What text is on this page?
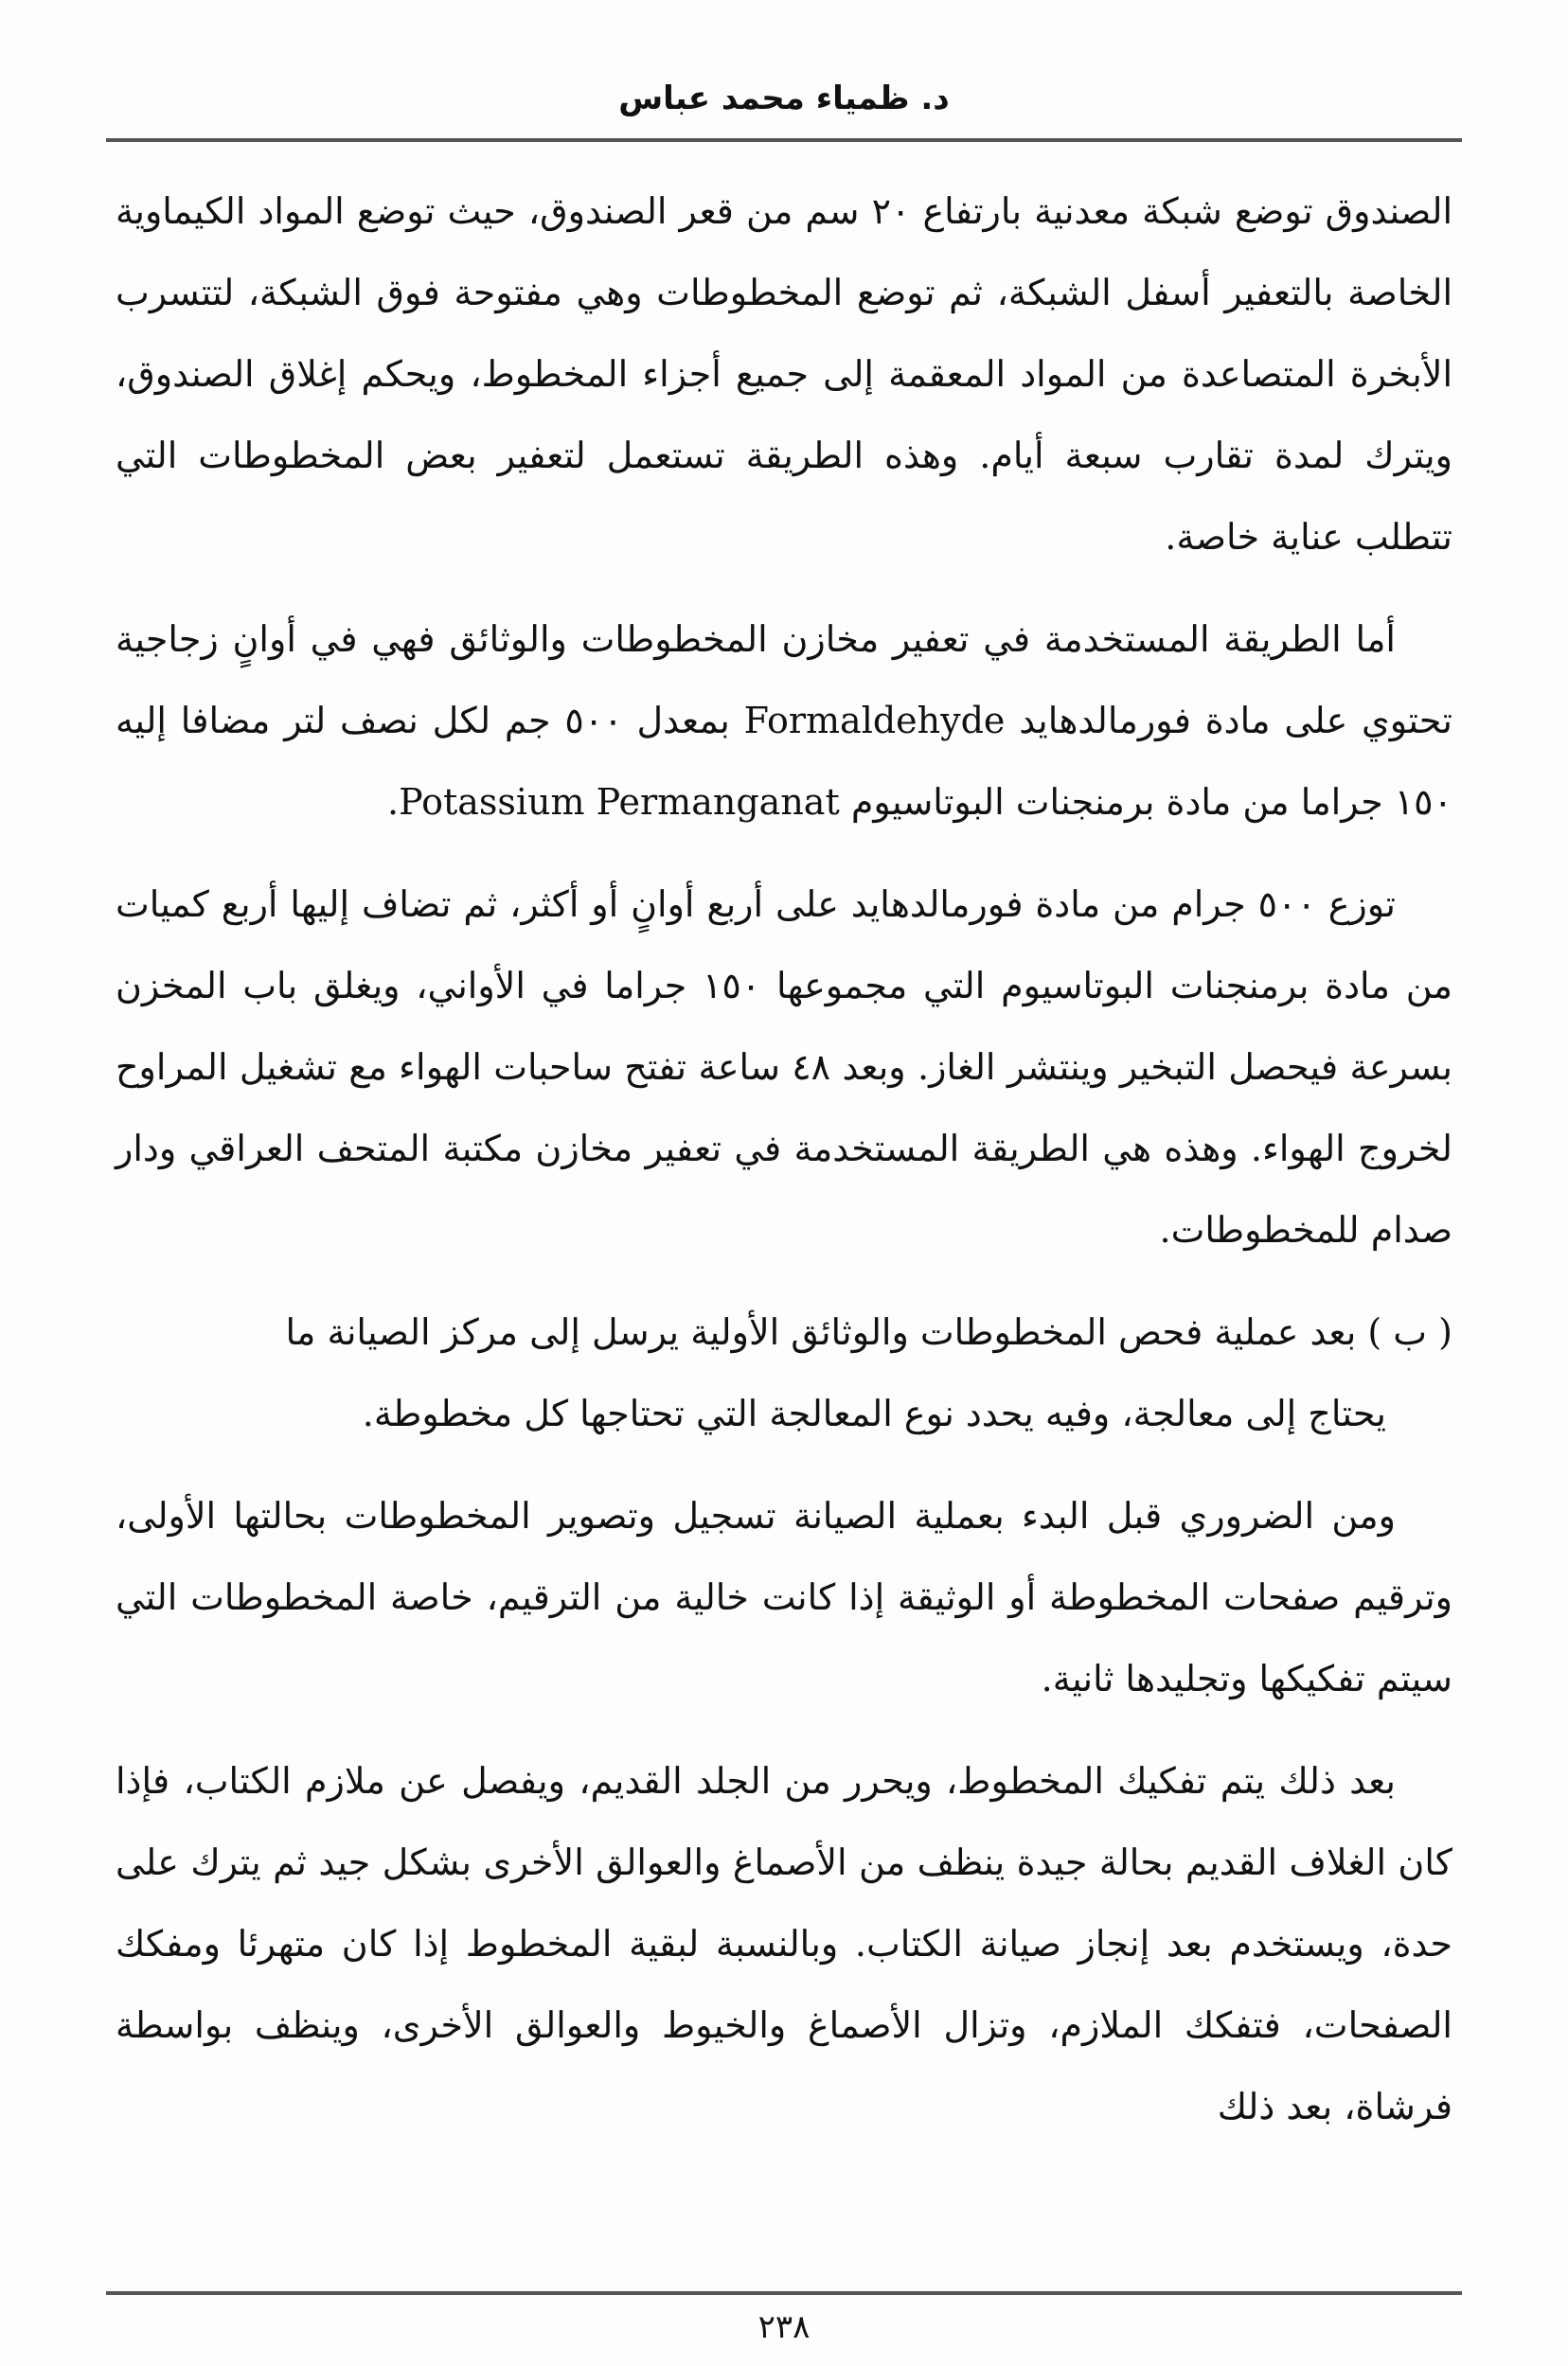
د. ظمياء محمد عباس

الصندوق توضع شبكة معدنية بارتفاع ٢٠ سم من قعر الصندوق، حيث توضع المواد الكيماوية الخاصة بالتعفير أسفل الشبكة، ثم توضع المخطوطات وهي مفتوحة فوق الشبكة، لتتسرب الأبخرة المتصاعدة من المواد المعقمة إلى جميع أجزاء المخطوط، ويحكم إغلاق الصندوق، ويترك لمدة تقارب سبعة أيام. وهذه الطريقة تستعمل لتعفير بعض المخطوطات التي تتطلب عناية خاصة.

أما الطريقة المستخدمة في تعفير مخازن المخطوطات والوثائق فهي في أوانٍ زجاجية تحتوي على مادة فورمالدهايد Formaldehyde بمعدل ٥٠٠ جم لكل نصف لتر مضافا إليه ١٥٠ جراما من مادة برمنجنات البوتاسيوم Potassium Permanganat.

توزع ٥٠٠ جرام من مادة فورمالدهايد على أربع أوانٍ أو أكثر، ثم تضاف إليها أربع كميات من مادة برمنجنات البوتاسيوم التي مجموعها ١٥٠ جراما في الأواني، ويغلق باب المخزن بسرعة فيحصل التبخير وينتشر الغاز. وبعد ٤٨ ساعة تفتح ساحبات الهواء مع تشغيل المراوح لخروج الهواء. وهذه هي الطريقة المستخدمة في تعفير مخازن مكتبة المتحف العراقي ودار صدام للمخطوطات.

( ب ) بعد عملية فحص المخطوطات والوثائق الأولية يرسل إلى مركز الصيانة ما
يحتاج إلى معالجة، وفيه يحدد نوع المعالجة التي تحتاجها كل مخطوطة.

ومن الضروري قبل البدء بعملية الصيانة تسجيل وتصوير المخطوطات بحالتها الأولى، وترقيم صفحات المخطوطة أو الوثيقة إذا كانت خالية من الترقيم، خاصة المخطوطات التي سيتم تفكيكها وتجليدها ثانية.

بعد ذلك يتم تفكيك المخطوط، ويحرر من الجلد القديم، ويفصل عن ملازم الكتاب، فإذا كان الغلاف القديم بحالة جيدة ينظف من الأصماغ والعوالق الأخرى بشكل جيد ثم يترك على حدة، ويستخدم بعد إنجاز صيانة الكتاب. وبالنسبة لبقية المخطوط إذا كان متهرئا ومفكك الصفحات، فتفكك الملازم، وتزال الأصماغ والخيوط والعوالق الأخرى، وينظف بواسطة فرشاة، بعد ذلك

٢٣٨
